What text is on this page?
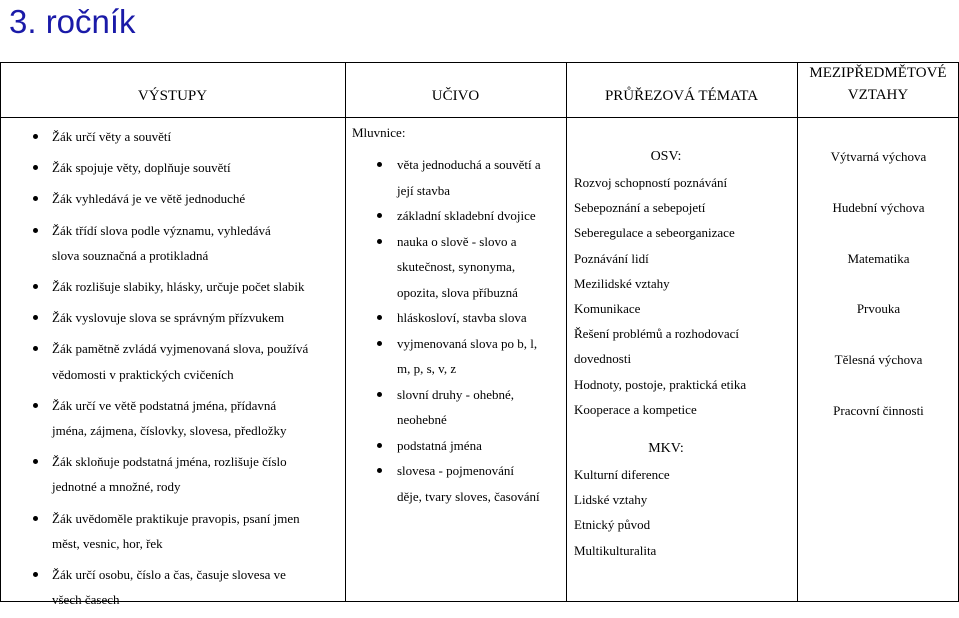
3. ročník
VÝSTUPY	UČIVO	PRŮŘEZOVÁ TÉMATA
MEZIPŘEDMĚTOVÉ
VZTAHY
Žák určí věty a souvětí
Žák spojuje věty, doplňuje souvětí
Žák vyhledává je ve větě jednoduché
Žák třídí slova podle významu, vyhledává
slova souznačná a protikladná
Žák rozlišuje slabiky, hlásky, určuje počet slabik
Žák vyslovuje slova se správným přízvukem
Žák pamětně zvládá vyjmenovaná slova, používá
vědomosti v praktických cvičeních
Žák určí ve větě podstatná jména, přídavná
jména, zájmena, číslovky, slovesa, předložky
Žák skloňuje podstatná jména, rozlišuje číslo
jednotné a množné, rody
Žák uvědoměle praktikuje pravopis, psaní jmen
měst, vesnic, hor, řek
Žák určí osobu, číslo a čas, časuje slovesa ve
všech časech
Mluvnice:
věta jednoduchá a souvětí a
její stavba
základní skladební dvojice
nauka o slově - slovo a
skutečnost, synonyma,
opozita, slova příbuzná
hláskosloví, stavba slova
vyjmenovaná slova po b, l,
m, p, s, v, z
slovní druhy - ohebné,
neohebné
podstatná jména
slovesa - pojmenování
děje, tvary sloves, časování
OSV:
Rozvoj schopností poznávání
Sebepoznání a sebepojetí
Seberegulace a sebeorganizace
Poznávání lidí
Mezilidské vztahy
Komunikace
Řešení problémů a rozhodovací
dovednosti
Hodnoty, postoje, praktická etika
Kooperace a kompetice
MKV:
Kulturní diference
Lidské vztahy
Etnický původ
Multikulturalita
Výtvarná výchova
Hudební výchova
Matematika
Prvouka
Tělesná výchova
Pracovní činnosti
